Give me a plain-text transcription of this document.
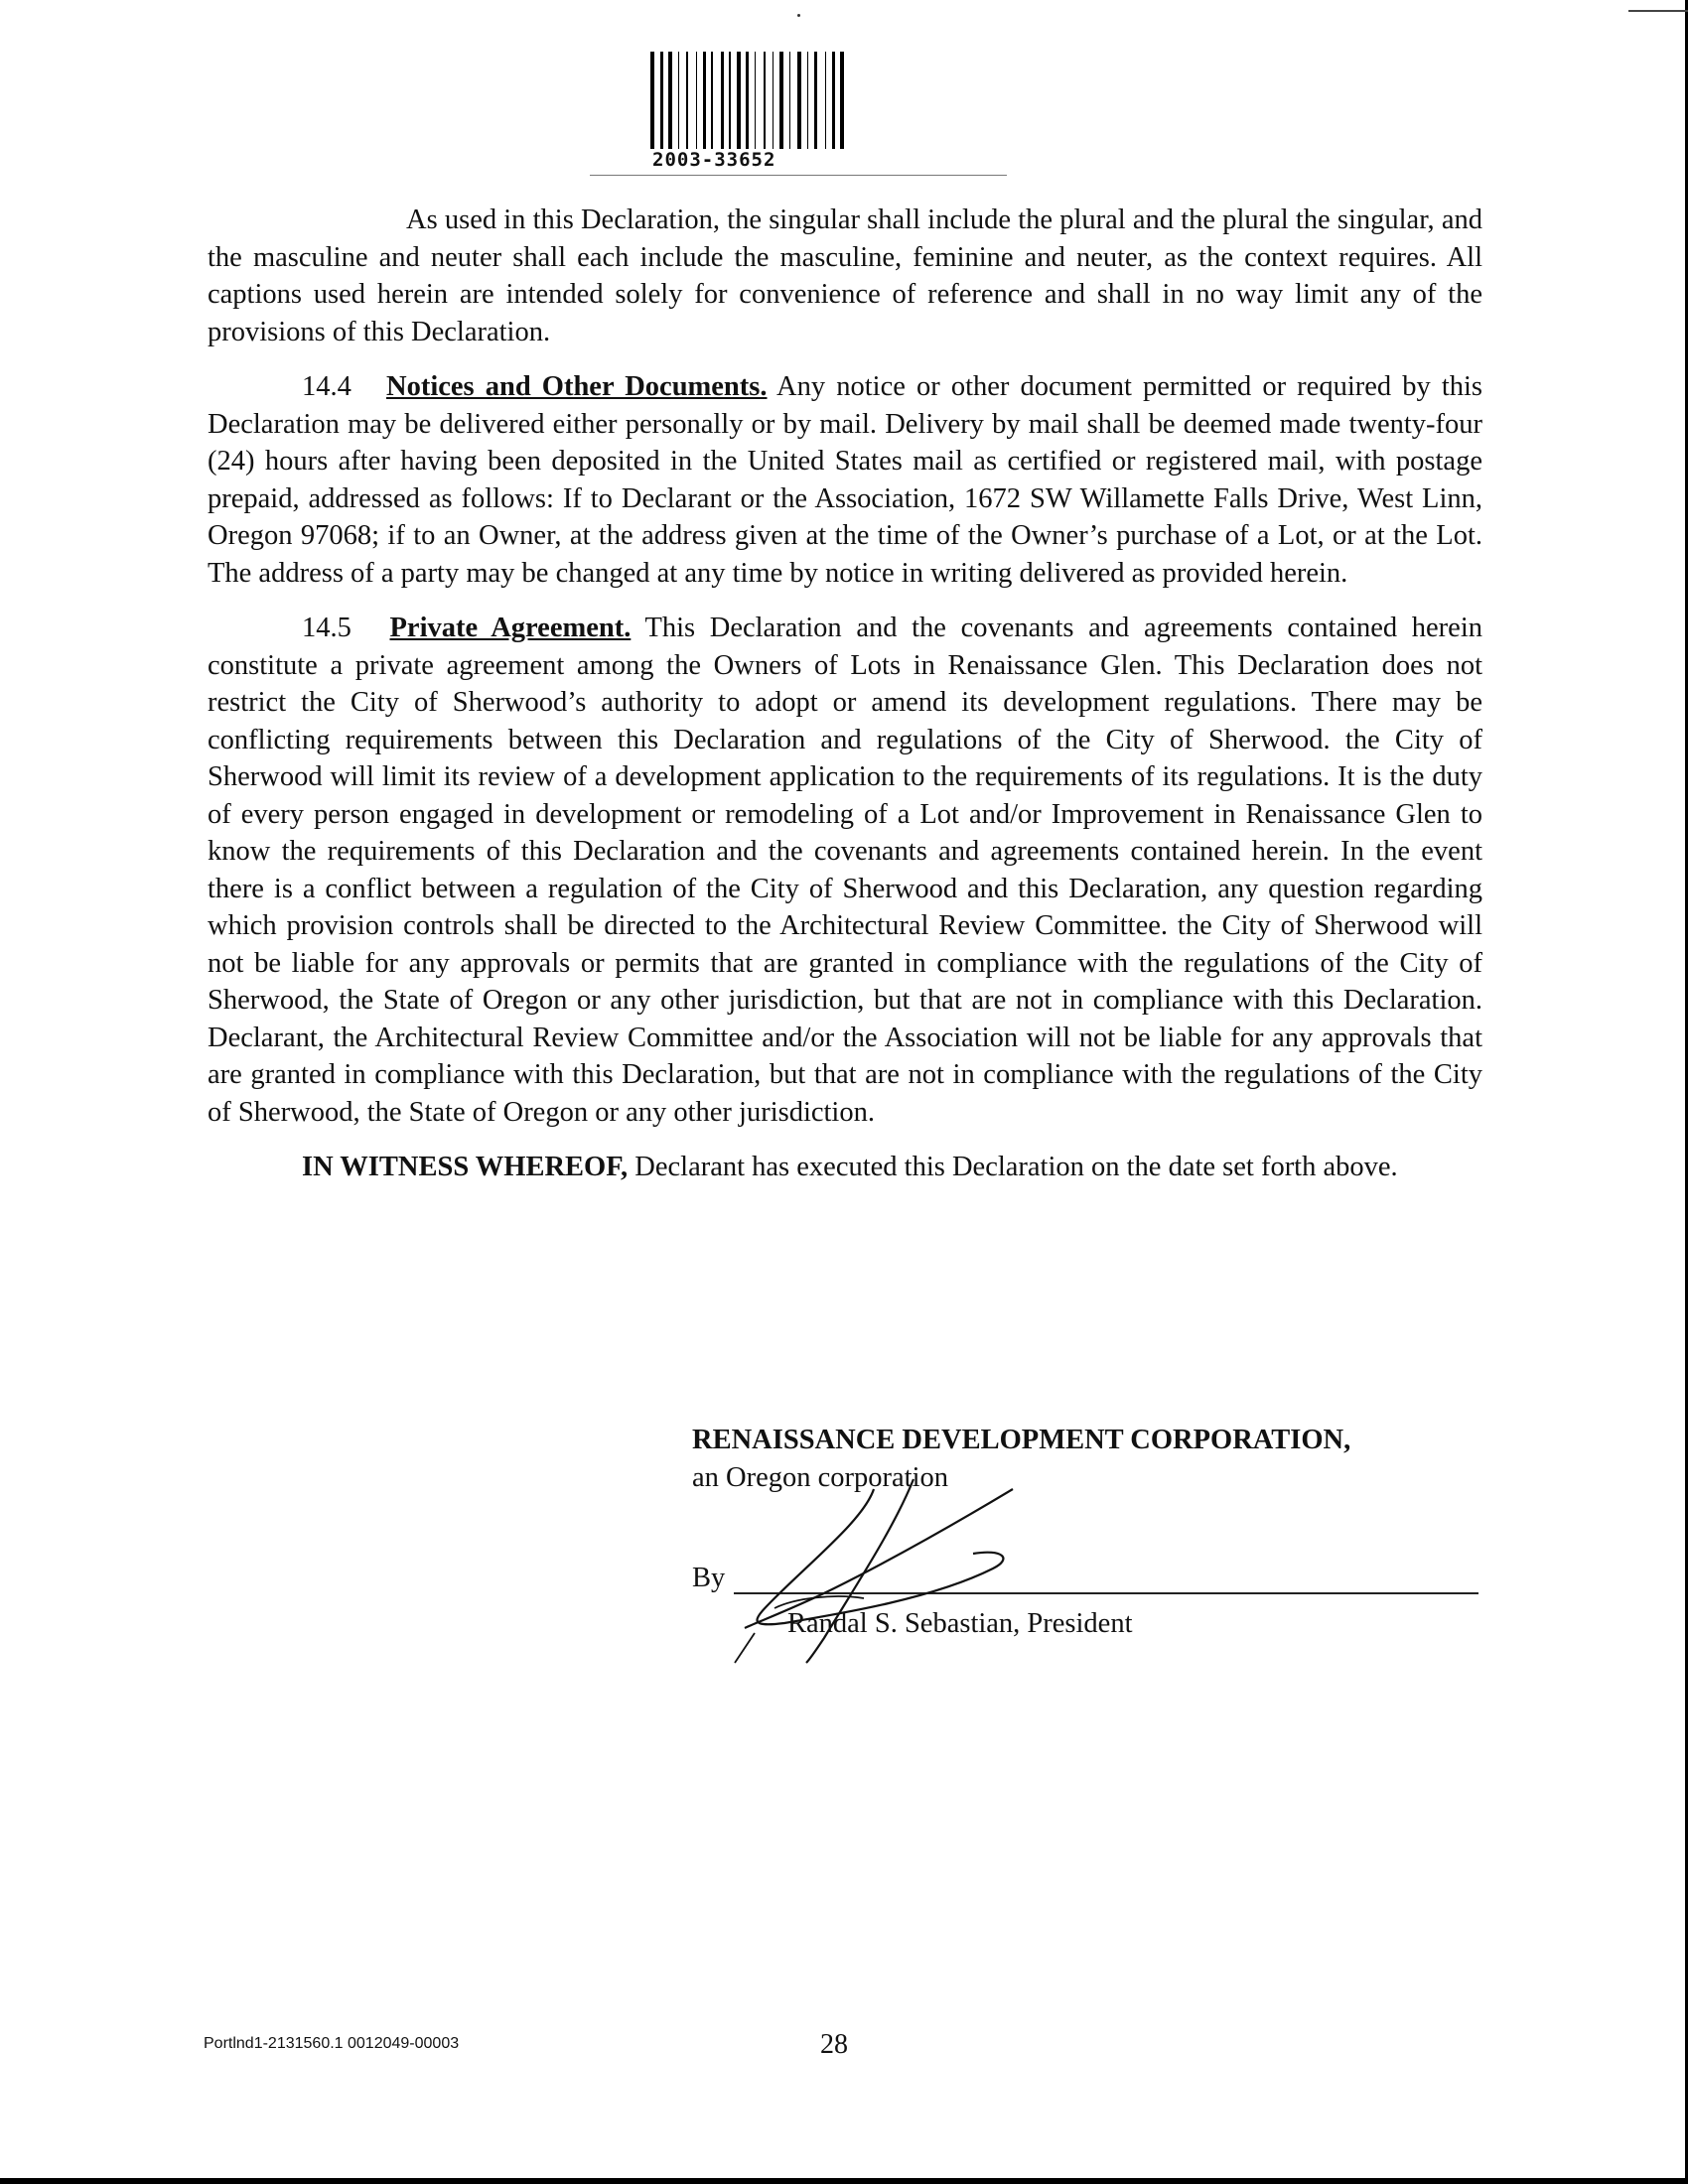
2003-33652

As used in this Declaration, the singular shall include the plural and the plural the singular, and the masculine and neuter shall each include the masculine, feminine and neuter, as the context requires. All captions used herein are intended solely for convenience of reference and shall in no way limit any of the provisions of this Declaration.

14.4 Notices and Other Documents. Any notice or other document permitted or required by this Declaration may be delivered either personally or by mail. Delivery by mail shall be deemed made twenty-four (24) hours after having been deposited in the United States mail as certified or registered mail, with postage prepaid, addressed as follows: If to Declarant or the Association, 1672 SW Willamette Falls Drive, West Linn, Oregon 97068; if to an Owner, at the address given at the time of the Owner’s purchase of a Lot, or at the Lot. The address of a party may be changed at any time by notice in writing delivered as provided herein.

14.5 Private Agreement. This Declaration and the covenants and agreements contained herein constitute a private agreement among the Owners of Lots in Renaissance Glen. This Declaration does not restrict the City of Sherwood’s authority to adopt or amend its development regulations. There may be conflicting requirements between this Declaration and regulations of the City of Sherwood. the City of Sherwood will limit its review of a development application to the requirements of its regulations. It is the duty of every person engaged in development or remodeling of a Lot and/or Improvement in Renaissance Glen to know the requirements of this Declaration and the covenants and agreements contained herein. In the event there is a conflict between a regulation of the City of Sherwood and this Declaration, any question regarding which provision controls shall be directed to the Architectural Review Committee. the City of Sherwood will not be liable for any approvals or permits that are granted in compliance with the regulations of the City of Sherwood, the State of Oregon or any other jurisdiction, but that are not in compliance with this Declaration. Declarant, the Architectural Review Committee and/or the Association will not be liable for any approvals that are granted in compliance with this Declaration, but that are not in compliance with the regulations of the City of Sherwood, the State of Oregon or any other jurisdiction.

IN WITNESS WHEREOF, Declarant has executed this Declaration on the date set forth above.

RENAISSANCE DEVELOPMENT CORPORATION,
an Oregon corporation
By
Randal S. Sebastian, President
Portlnd1-2131560.1 0012049-00003	28
